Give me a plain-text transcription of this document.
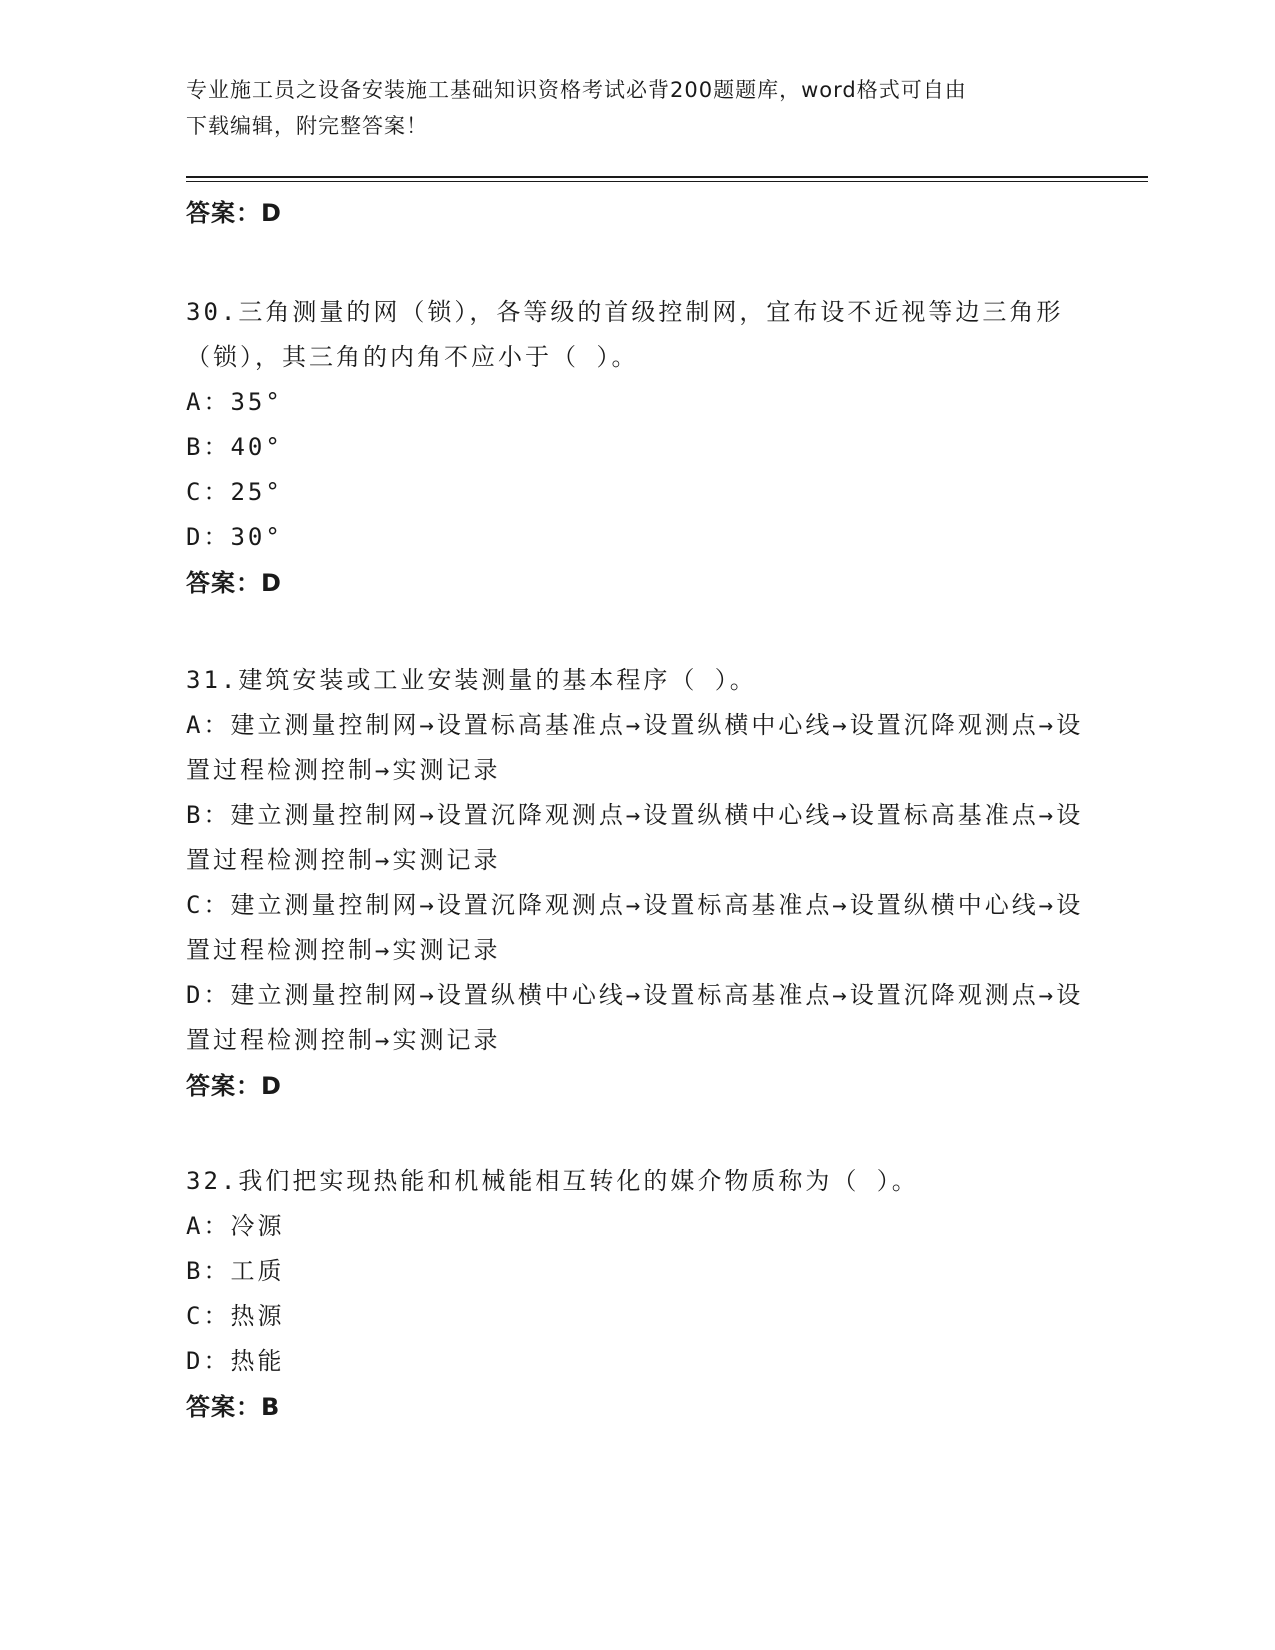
专业施工员之设备安装施工基础知识资格考试必背200题题库，word格式可自由
下载编辑，附完整答案！
答案：D
30.三角测量的网（锁），各等级的首级控制网，宜布设不近视等边三角形（锁），其三角的内角不应小于（ ）。
A：35°
B：40°
C：25°
D：30°
答案：D
31.建筑安装或工业安装测量的基本程序（ ）。
A：建立测量控制网→设置标高基准点→设置纵横中心线→设置沉降观测点→设置过程检测控制→实测记录
B：建立测量控制网→设置沉降观测点→设置纵横中心线→设置标高基准点→设置过程检测控制→实测记录
C：建立测量控制网→设置沉降观测点→设置标高基准点→设置纵横中心线→设置过程检测控制→实测记录
D：建立测量控制网→设置纵横中心线→设置标高基准点→设置沉降观测点→设置过程检测控制→实测记录
答案：D
32.我们把实现热能和机械能相互转化的媒介物质称为（ ）。
A：冷源
B：工质
C：热源
D：热能
答案：B
